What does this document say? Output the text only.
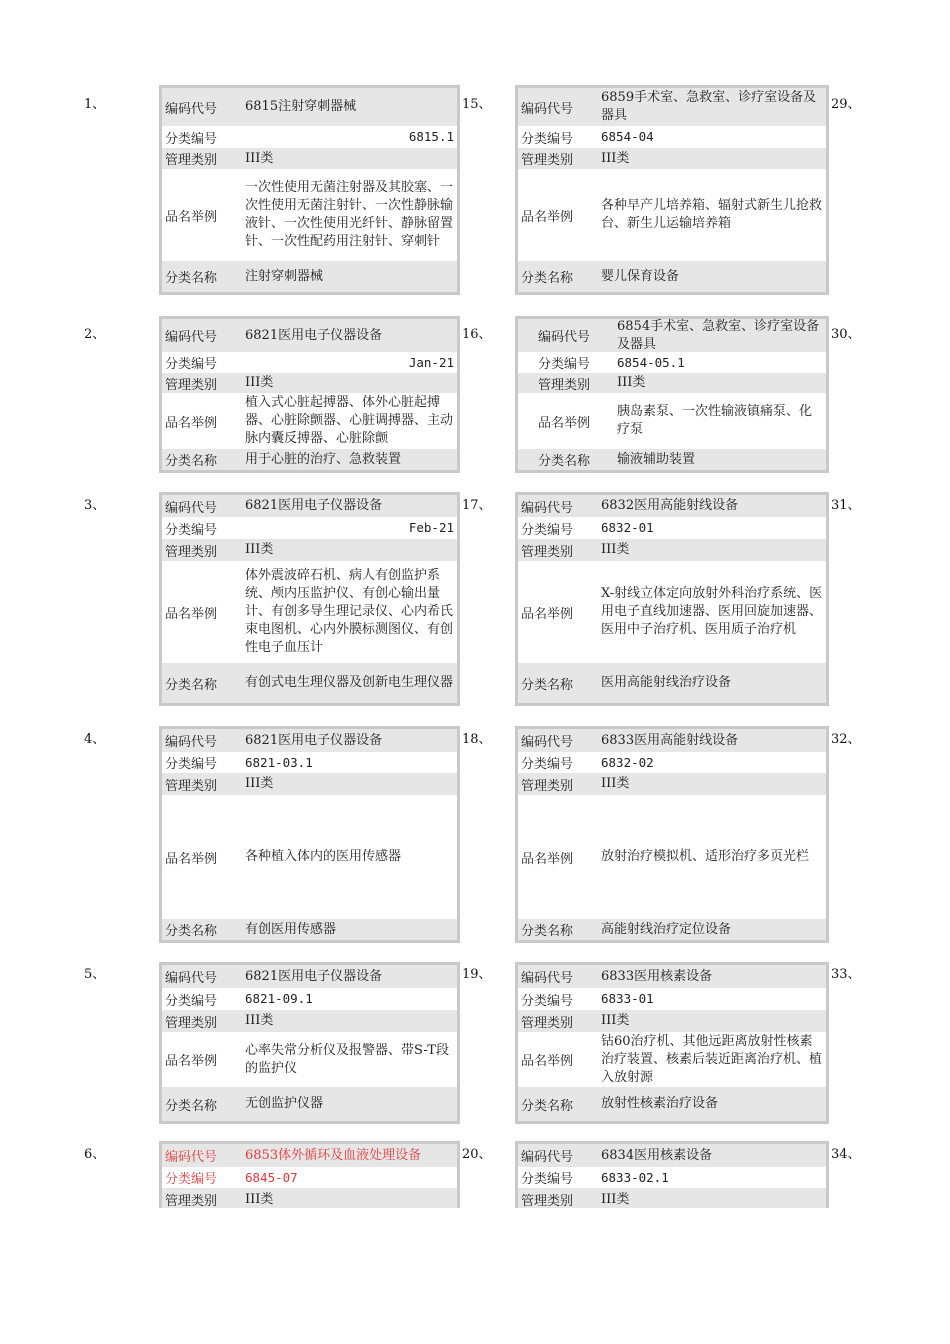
1、
2、
3、
4、
5、
6、
15、
16、
17、
18、
19、
20、
29、
30、
31、
32、
33、
34、
编码代号	6815注射穿刺器械
分类编号	6815.1
管理类别	III类
品名举例
一次性使用无菌注射器及其胶塞、一次性使用无菌注射针、一次性静脉输液针、一次性使用光纤针、静脉留置针、一次性配药用注射针、穿刺针
分类名称	注射穿刺器械
编码代号	6821医用电子仪器设备
分类编号	Jan-21
管理类别	III类
品名举例
植入式心脏起搏器、体外心脏起搏器、心脏除颤器、心脏调搏器、主动脉内囊反搏器、心脏除颤
分类名称	用于心脏的治疗、急救装置
编码代号	6821医用电子仪器设备
分类编号	Feb-21
管理类别	III类
品名举例
体外震波碎石机、病人有创监护系统、颅内压监护仪、有创心输出量计、有创多导生理记录仪、心内希氏束电图机、心内外膜标测图仪、有创性电子血压计
分类名称	有创式电生理仪器及创新电生理仪器
编码代号	6821医用电子仪器设备
分类编号	6821-03.1
管理类别	III类
品名举例	各种植入体内的医用传感器
分类名称	有创医用传感器
编码代号	6821医用电子仪器设备
分类编号	6821-09.1
管理类别	III类
品名举例
心率失常分析仪及报警器、带S-T段的监护仪
分类名称	无创监护仪器
编码代号	6853体外循环及血液处理设备
分类编号	6845-07
管理类别	III类
编码代号
6859手术室、急救室、诊疗室设备及器具
分类编号	6854-04
管理类别	III类
品名举例
各种早产儿培养箱、辐射式新生儿抢救台、新生儿运输培养箱
分类名称	婴儿保育设备
编码代号
6854手术室、急救室、诊疗室设备及器具
分类编号	6854-05.1
管理类别	III类
品名举例
胰岛素泵、一次性输液镇痛泵、化疗泵
分类名称	输液辅助装置
编码代号	6832医用高能射线设备
分类编号	6832-01
管理类别	III类
品名举例
X-射线立体定向放射外科治疗系统、医用电子直线加速器、医用回旋加速器、医用中子治疗机、医用质子治疗机
分类名称	医用高能射线治疗设备
编码代号	6833医用高能射线设备
分类编号	6832-02
管理类别	III类
品名举例	放射治疗模拟机、适形治疗多页光栏
分类名称	高能射线治疗定位设备
编码代号	6833医用核素设备
分类编号	6833-01
管理类别	III类
品名举例
钴60治疗机、其他远距离放射性核素治疗装置、核素后装近距离治疗机、植入放射源
分类名称	放射性核素治疗设备
编码代号	6834医用核素设备
分类编号	6833-02.1
管理类别	III类
